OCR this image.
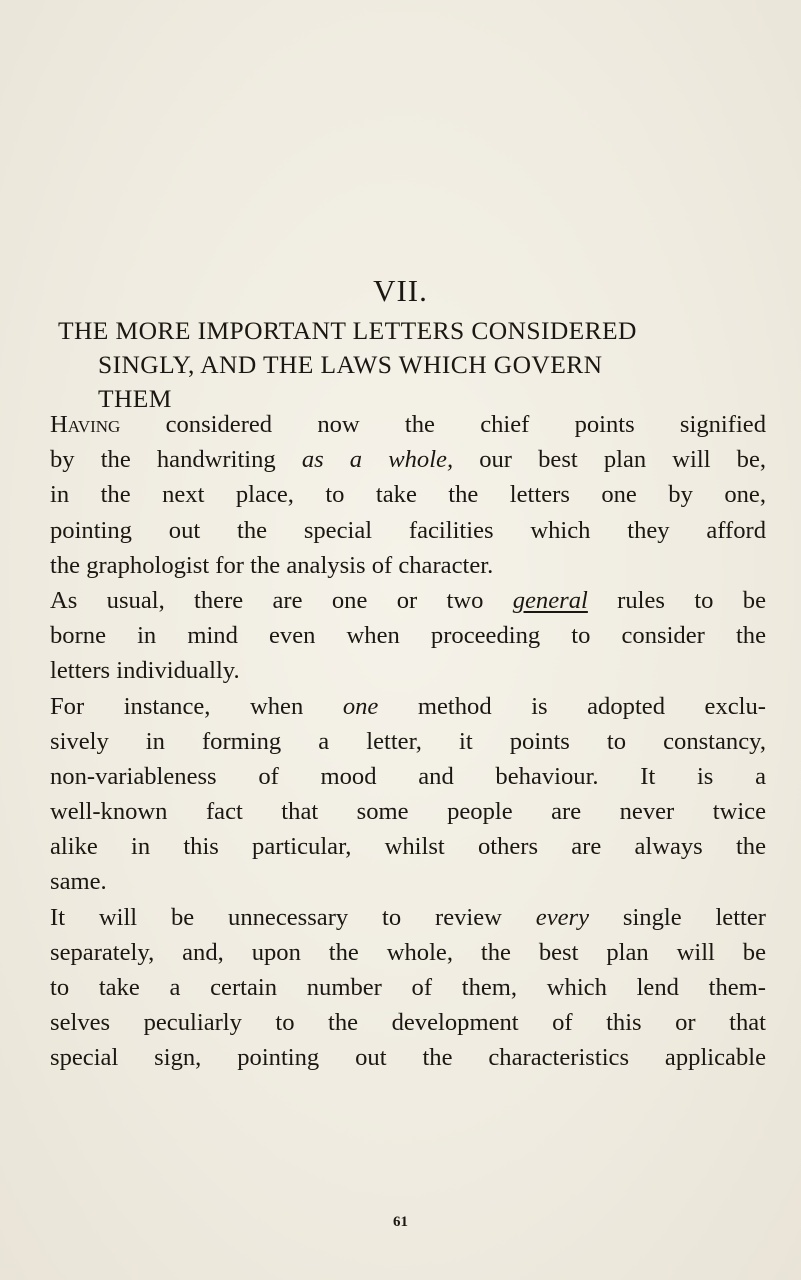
VII.
THE MORE IMPORTANT LETTERS CONSIDERED
SINGLY, AND THE LAWS WHICH GOVERN
THEM
Having considered now the chief points signified
by the handwriting as a whole, our best plan will be,
in the next place, to take the letters one by one,
pointing out the special facilities which they afford
the graphologist for the analysis of character.
As usual, there are one or two general rules to be
borne in mind even when proceeding to consider the
letters individually.
For instance, when one method is adopted exclu-
sively in forming a letter, it points to constancy,
non-variableness of mood and behaviour. It is a
well-known fact that some people are never twice
alike in this particular, whilst others are always the
same.
It will be unnecessary to review every single letter
separately, and, upon the whole, the best plan will be
to take a certain number of them, which lend them-
selves peculiarly to the development of this or that
special sign, pointing out the characteristics applicable
61
